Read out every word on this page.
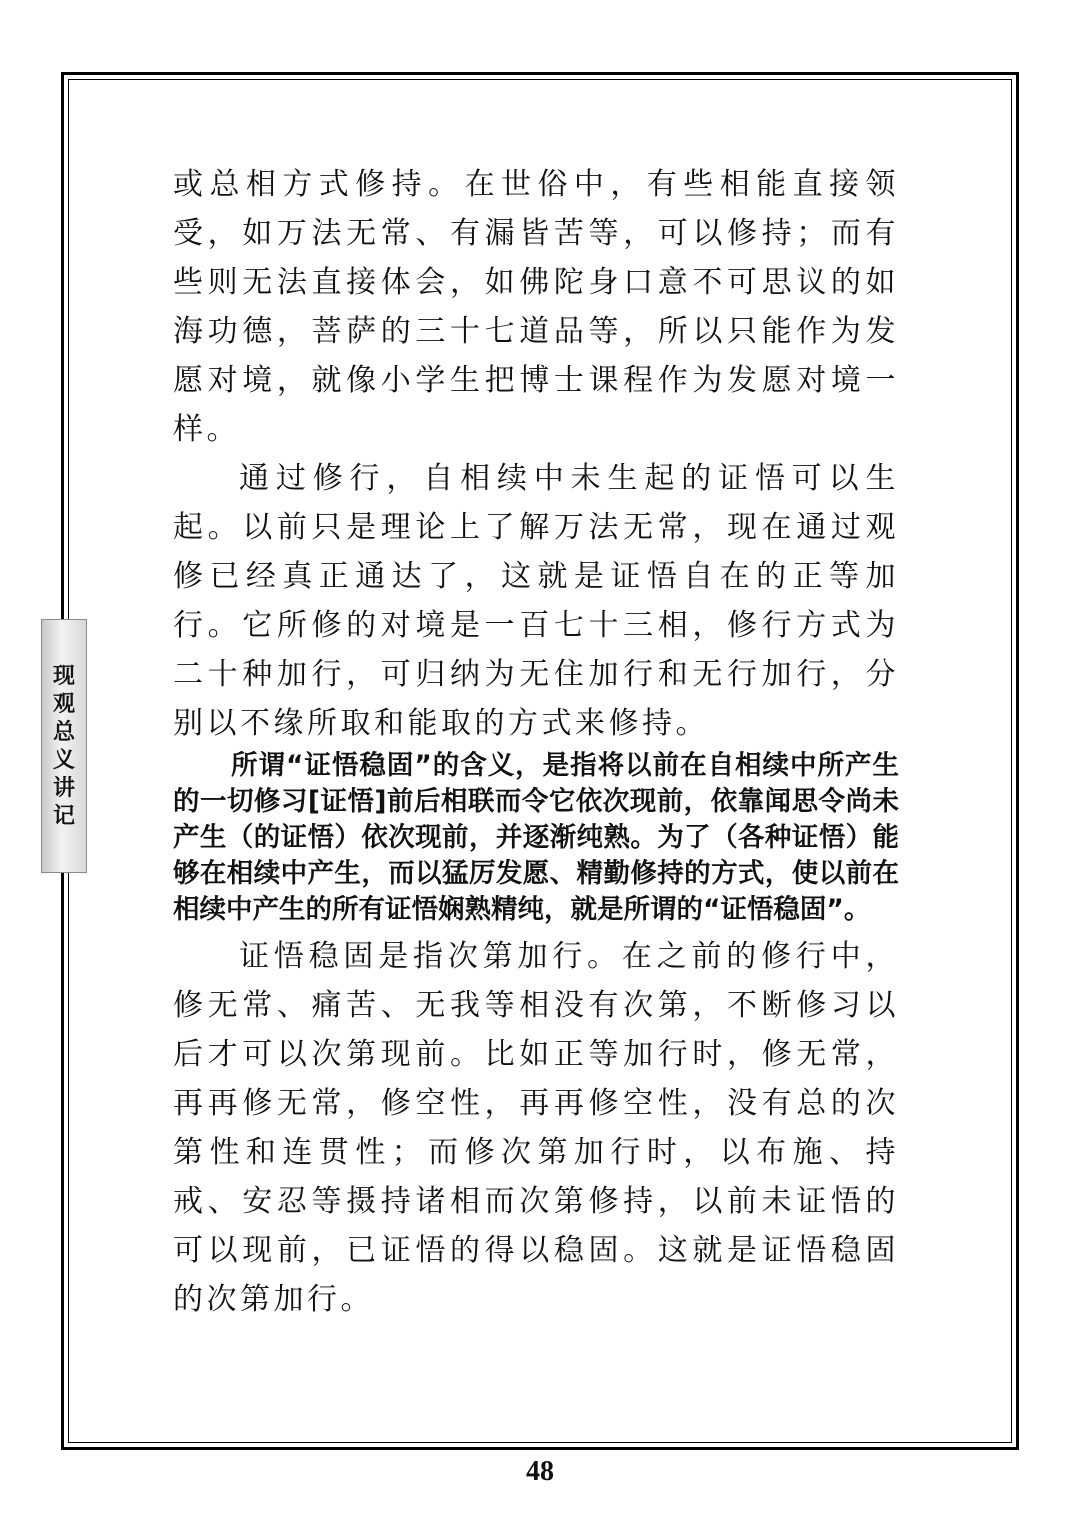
现
观
总
义
讲
记

或总相方式修持。在世俗中，有些相能直接领受，如万法无常、有漏皆苦等，可以修持；而有些则无法直接体会，如佛陀身口意不可思议的如海功德，菩萨的三十七道品等，所以只能作为发愿对境，就像小学生把博士课程作为发愿对境一样。

通过修行，自相续中未生起的证悟可以生起。以前只是理论上了解万法无常，现在通过观修已经真正通达了，这就是证悟自在的正等加行。它所修的对境是一百七十三相，修行方式为二十种加行，可归纳为无住加行和无行加行，分别以不缘所取和能取的方式来修持。

所谓“证悟稳固”的含义，是指将以前在自相续中所产生的一切修习[证悟]前后相联而令它依次现前，依靠闻思令尚未产生（的证悟）依次现前，并逐渐纯熟。为了（各种证悟）能够在相续中产生，而以猛厉发愿、精勤修持的方式，使以前在相续中产生的所有证悟娴熟精纯，就是所谓的“证悟稳固”。

证悟稳固是指次第加行。在之前的修行中，修无常、痛苦、无我等相没有次第，不断修习以后才可以次第现前。比如正等加行时，修无常，再再修无常，修空性，再再修空性，没有总的次第性和连贯性；而修次第加行时，以布施、持戒、安忍等摄持诸相而次第修持，以前未证悟的可以现前，已证悟的得以稳固。这就是证悟稳固的次第加行。

48
